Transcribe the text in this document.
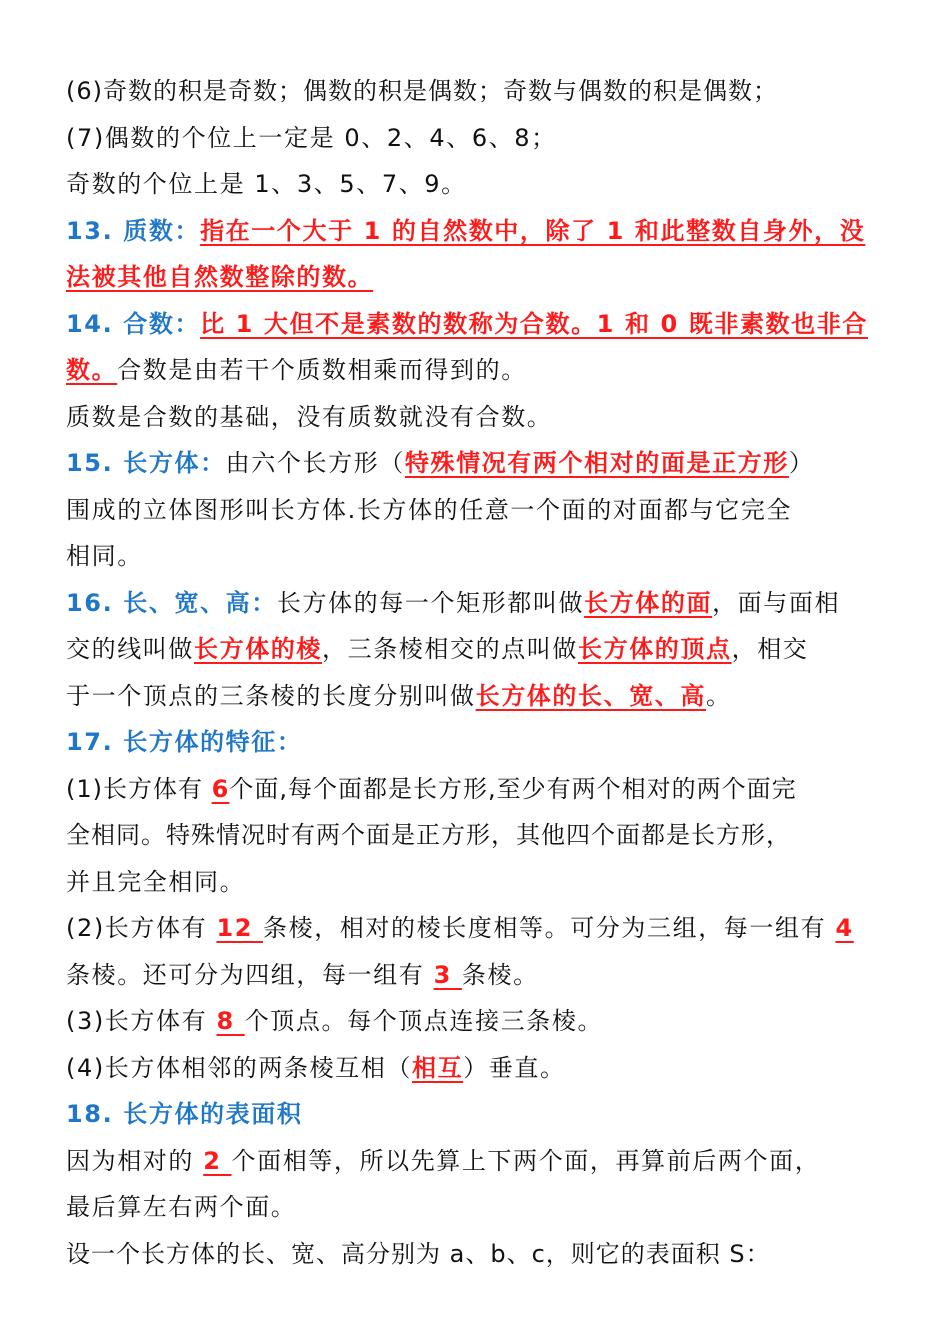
(6)奇数的积是奇数；偶数的积是偶数；奇数与偶数的积是偶数；
(7)偶数的个位上一定是 0、2、4、6、8；
奇数的个位上是 1、3、5、7、9。
13. 质数：指在一个大于 1 的自然数中，除了 1 和此整数自身外，没
法被其他自然数整除的数。
14. 合数：比 1 大但不是素数的数称为合数。1 和 0 既非素数也非合
数。合数是由若干个质数相乘而得到的。
质数是合数的基础，没有质数就没有合数。
15. 长方体：由六个长方形（特殊情况有两个相对的面是正方形）
围成的立体图形叫长方体.长方体的任意一个面的对面都与它完全
相同。
16. 长、宽、高：长方体的每一个矩形都叫做长方体的面，面与面相
交的线叫做长方体的棱，三条棱相交的点叫做长方体的顶点，相交
于一个顶点的三条棱的长度分别叫做长方体的长、宽、高。
17. 长方体的特征：
(1)长方体有 6个面,每个面都是长方形,至少有两个相对的两个面完
全相同。特殊情况时有两个面是正方形，其他四个面都是长方形，
并且完全相同。
(2)长方体有 12 条棱，相对的棱长度相等。可分为三组，每一组有 4
条棱。还可分为四组，每一组有 3 条棱。
(3)长方体有 8 个顶点。每个顶点连接三条棱。
(4)长方体相邻的两条棱互相（相互）垂直。
18. 长方体的表面积
因为相对的 2 个面相等，所以先算上下两个面，再算前后两个面，
最后算左右两个面。
设一个长方体的长、宽、高分别为 a、b、c，则它的表面积 S：
